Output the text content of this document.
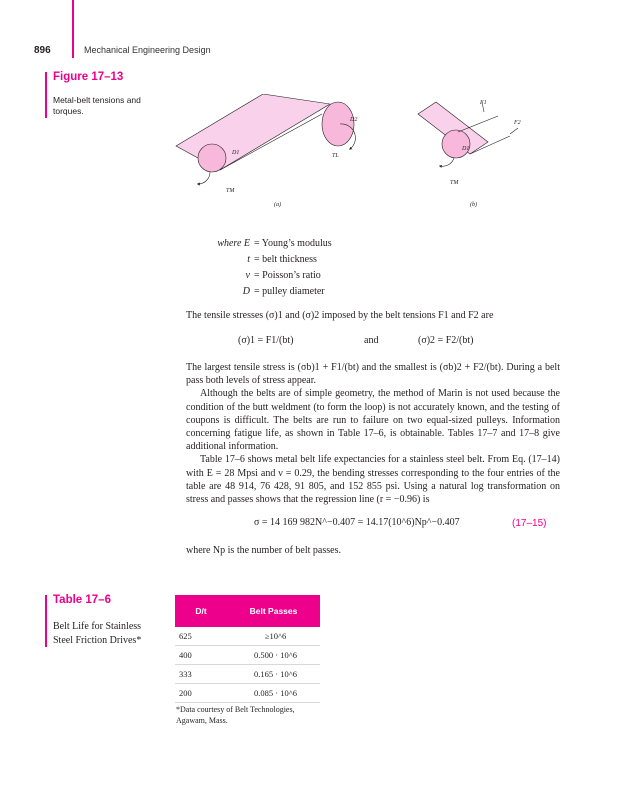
896	Mechanical Engineering Design
Figure 17–13
Metal-belt tensions and torques.
D2
D1	TL
TM
(a)
F1
F2
D1
TM
(b)
where E = Young’s modulus
t = belt thickness
ν = Poisson’s ratio
D = pulley diameter
The tensile stresses (σ)1 and (σ)2 imposed by the belt tensions F1 and F2 are
(σ)1 = F1/(bt)	and	(σ)2 = F2/(bt)
The largest tensile stress is (σb)1 + F1/(bt) and the smallest is (σb)2 + F2/(bt). During a belt pass both levels of stress appear.
Although the belts are of simple geometry, the method of Marin is not used because the condition of the butt weldment (to form the loop) is not accurately known, and the testing of coupons is difficult. The belts are run to failure on two equal-sized pulleys. Information concerning fatigue life, as shown in Table 17–6, is obtainable. Tables 17–7 and 17–8 give additional information.
Table 17–6 shows metal belt life expectancies for a stainless steel belt. From Eq. (17–14) with E = 28 Mpsi and ν = 0.29, the bending stresses corresponding to the four entries of the table are 48 914, 76 428, 91 805, and 152 855 psi. Using a natural log transformation on stress and passes shows that the regression line (r = −0.96) is
σ = 14 169 982N^−0.407 = 14.17(10^6)Np^−0.407	(17–15)
where Np is the number of belt passes.
Table 17–6
Belt Life for Stainless Steel Friction Drives*
D/t	Belt Passes
625	≥10^6
400	0.500 · 10^6
333	0.165 · 10^6
200	0.085 · 10^6
*Data courtesy of Belt Technologies, Agawam, Mass.
